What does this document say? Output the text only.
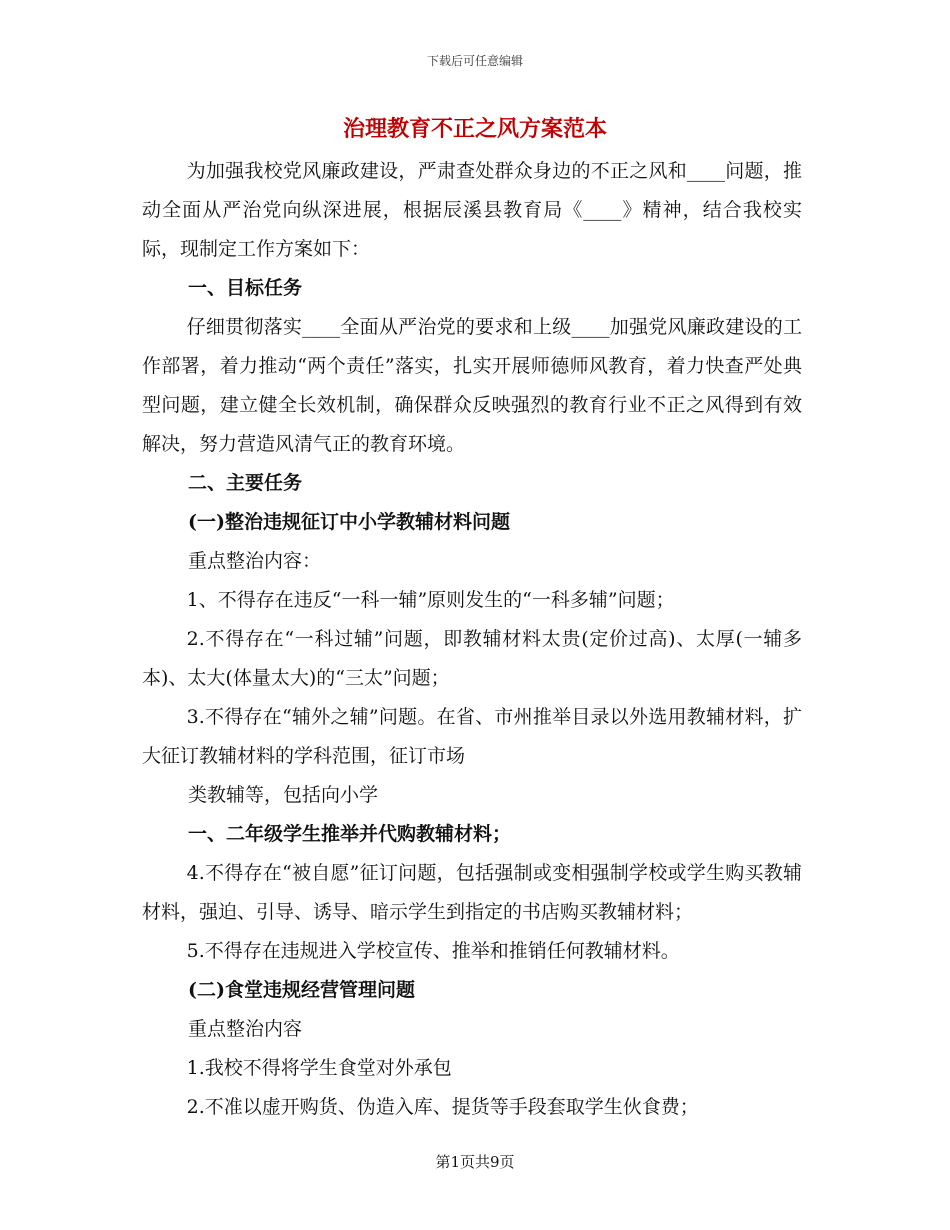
下载后可任意编辑
治理教育不正之风方案范本

为加强我校党风廉政建设，严肃查处群众身边的不正之风和____问题，推动全面从严治党向纵深进展，根据辰溪县教育局《____》精神，结合我校实际，现制定工作方案如下：

一、目标任务

仔细贯彻落实____全面从严治党的要求和上级____加强党风廉政建设的工作部署，着力推动“两个责任”落实，扎实开展师德师风教育，着力快查严处典型问题，建立健全长效机制，确保群众反映强烈的教育行业不正之风得到有效解决，努力营造风清气正的教育环境。

二、主要任务

(一)整治违规征订中小学教辅材料问题

重点整治内容：

1、不得存在违反“一科一辅”原则发生的“一科多辅”问题；

2.不得存在“一科过辅”问题，即教辅材料太贵(定价过高)、太厚(一辅多本)、太大(体量太大)的“三太”问题；

3.不得存在“辅外之辅”问题。在省、市州推举目录以外选用教辅材料，扩大征订教辅材料的学科范围，征订市场

类教辅等，包括向小学

一、二年级学生推举并代购教辅材料；

4.不得存在“被自愿”征订问题，包括强制或变相强制学校或学生购买教辅材料，强迫、引导、诱导、暗示学生到指定的书店购买教辅材料；

5.不得存在违规进入学校宣传、推举和推销任何教辅材料。

(二)食堂违规经营管理问题

重点整治内容

1.我校不得将学生食堂对外承包

2.不准以虚开购货、伪造入库、提货等手段套取学生伙食费；

第1页共9页
